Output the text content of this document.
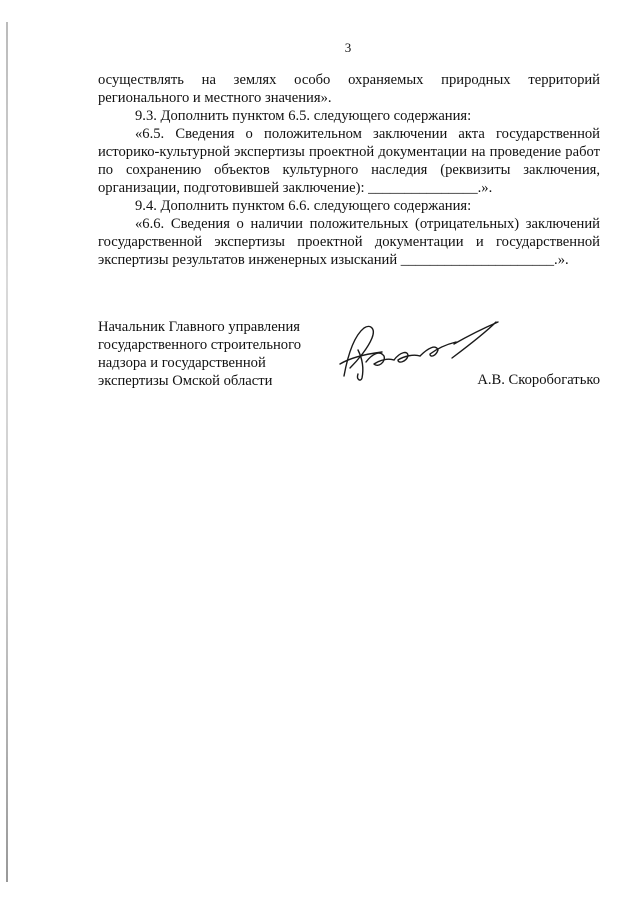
3

осуществлять на землях особо охраняемых природных территорий регионального и местного значения».

9.3. Дополнить пунктом 6.5. следующего содержания:

«6.5. Сведения о положительном заключении акта государственной историко-культурной экспертизы проектной документации на проведение работ по сохранению объектов культурного наследия (реквизиты заключения, организации, подготовившей заключение): _______________.».

9.4. Дополнить пунктом 6.6. следующего содержания:

«6.6. Сведения о наличии положительных (отрицательных) заключений государственной экспертизы проектной документации и государственной экспертизы результатов инженерных изысканий _____________________.».

Начальник Главного управления
государственного строительного
надзора и государственной
экспертизы Омской области	А.В. Скоробогатько
